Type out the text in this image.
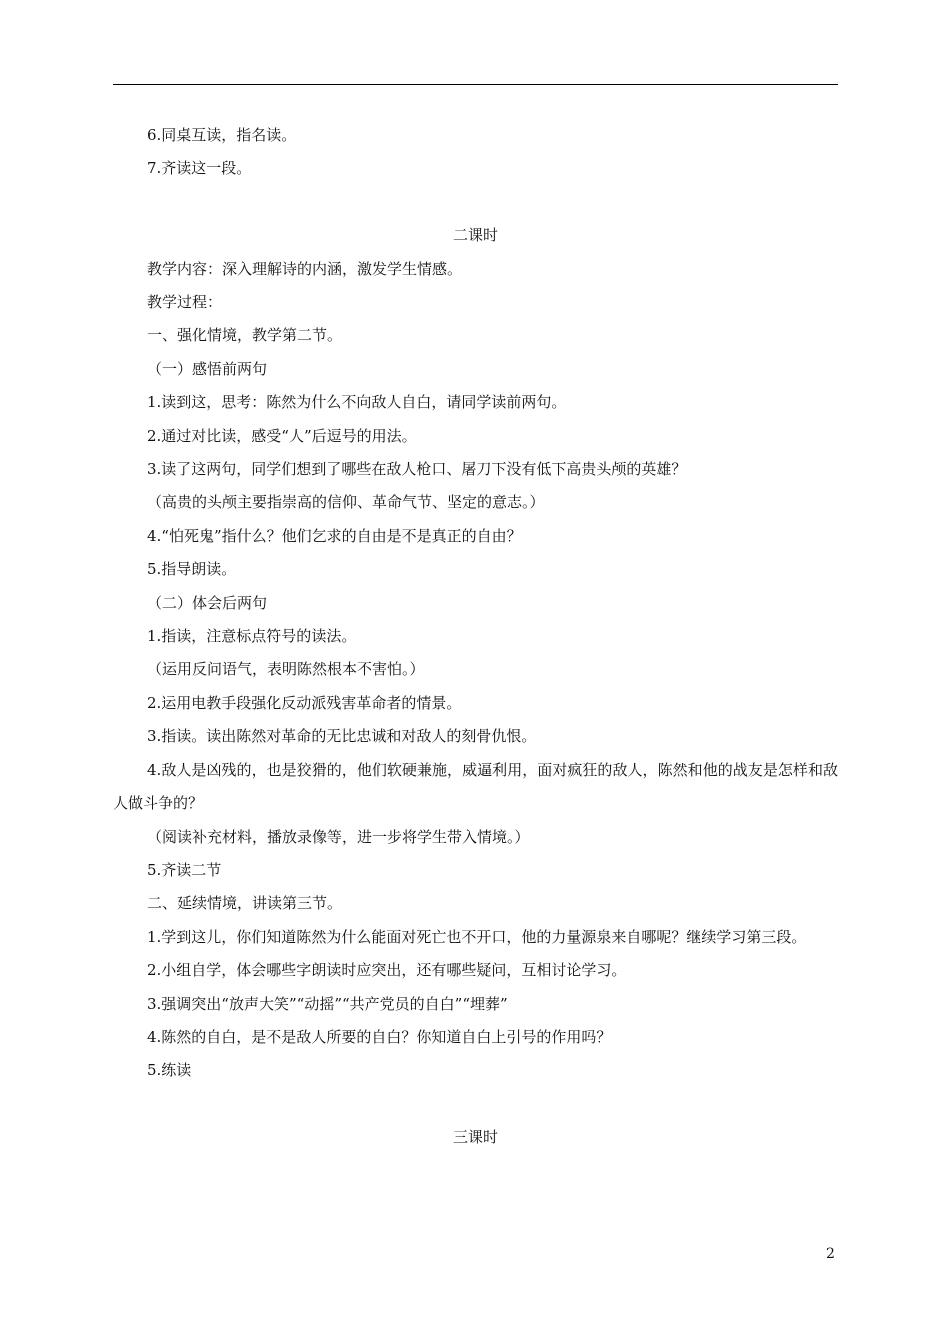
6.同桌互读，指名读。
7.齐读这一段。
二课时
教学内容：深入理解诗的内涵，激发学生情感。
教学过程：
一、强化情境，教学第二节。
（一）感悟前两句
1.读到这，思考：陈然为什么不向敌人自白，请同学读前两句。
2.通过对比读，感受“人”后逗号的用法。
3.读了这两句，同学们想到了哪些在敌人枪口、屠刀下没有低下高贵头颅的英雄？
（高贵的头颅主要指崇高的信仰、革命气节、坚定的意志。）
4.“怕死鬼”指什么？他们乞求的自由是不是真正的自由？
5.指导朗读。
（二）体会后两句
1.指读，注意标点符号的读法。
（运用反问语气，表明陈然根本不害怕。）
2.运用电教手段强化反动派残害革命者的情景。
3.指读。读出陈然对革命的无比忠诚和对敌人的刻骨仇恨。
4.敌人是凶残的，也是狡猾的，他们软硬兼施，威逼利用，面对疯狂的敌人，陈然和他的战友是怎样和敌人做斗争的？
（阅读补充材料，播放录像等，进一步将学生带入情境。）
5.齐读二节
二、延续情境，讲读第三节。
1.学到这儿，你们知道陈然为什么能面对死亡也不开口，他的力量源泉来自哪呢？继续学习第三段。
2.小组自学，体会哪些字朗读时应突出，还有哪些疑问，互相讨论学习。
3.强调突出“放声大笑”“动摇”“共产党员的自白”“埋葬”
4.陈然的自白，是不是敌人所要的自白？你知道自白上引号的作用吗？
5.练读
三课时
2
